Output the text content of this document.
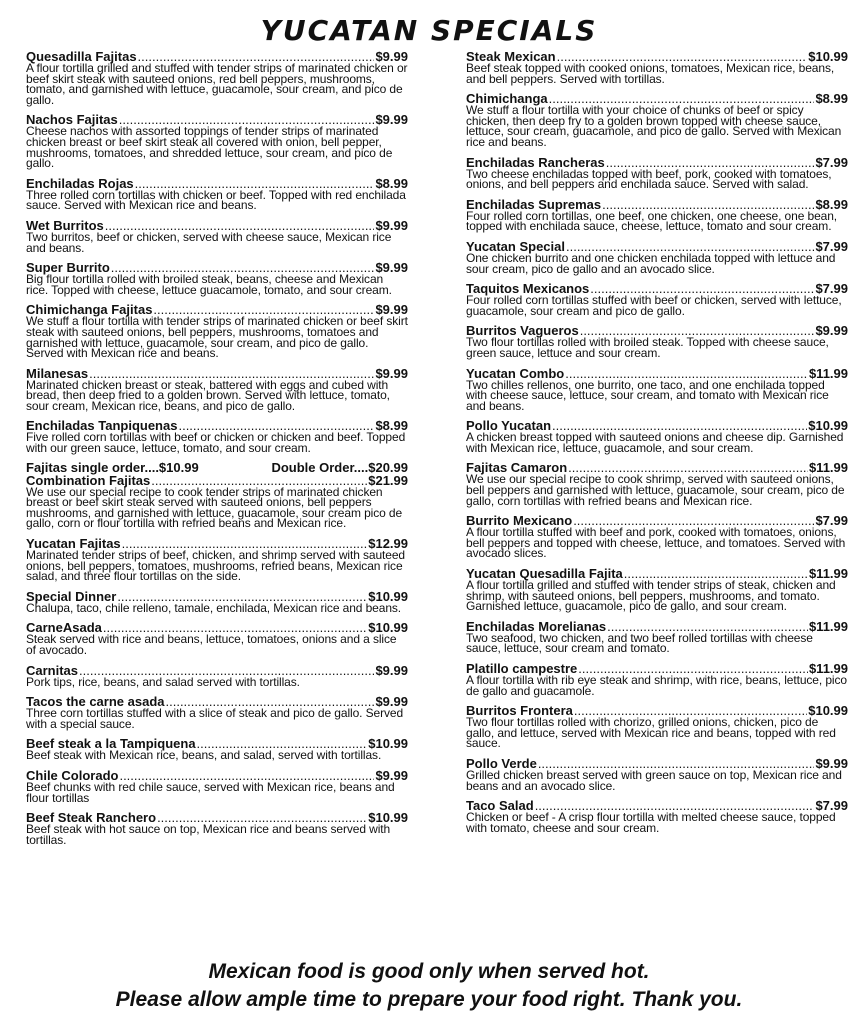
YUCATAN SPECIALS
Quesadilla Fajitas .....	$9.99
A flour tortilla grilled and stuffed with tender strips of marinated chicken or beef skirt steak with sauteed onions, red bell peppers, mushrooms, tomato, and garnished with lettuce, guacamole, sour cream, and pico de gallo.
Nachos Fajitas .....	$9.99
Cheese nachos with assorted toppings of tender strips of marinated chicken breast or beef skirt steak all covered with onion, bell pepper, mushrooms, tomatoes, and shredded lettuce, sour cream, and pico de gallo.
Enchiladas Rojas .....	$8.99
Three rolled corn tortillas with chicken or beef. Topped with red enchilada sauce. Served with Mexican rice and beans.
Wet Burritos .....	$9.99
Two burritos, beef or chicken, served with cheese sauce, Mexican rice and beans.
Super Burrito .....	$9.99
Big flour tortilla rolled with broiled steak, beans, cheese and Mexican rice. Topped with cheese, lettuce guacamole, tomato, and sour cream.
Chimichanga Fajitas .....	$9.99
We stuff a flour tortilla with tender strips of marinated chicken or beef skirt steak with sauteed onions, bell peppers, mushrooms, tomatoes and garnished with lettuce, guacamole, sour cream, and pico de gallo. Served with Mexican rice and beans.
Milanesas .....	$9.99
Marinated chicken breast or steak, battered with eggs and cubed with bread, then deep fried to a golden brown. Served with lettuce, tomato, sour cream, Mexican rice, beans, and pico de gallo.
Enchiladas Tanpiquenas .....	$8.99
Five rolled corn tortillas with beef or chicken or chicken and beef. Topped with our green sauce, lettuce, tomato, and sour cream.
Fajitas single order....$10.99	Double Order....$20.99
Combination Fajitas .....	$21.99
We use our special recipe to cook tender strips of marinated chicken breast or beef skirt steak served with sauteed onions, bell peppers mushrooms, and garnished with lettuce, guacamole, sour cream pico de gallo, corn or flour tortilla with refried beans and Mexican rice.
Yucatan Fajitas .....	$12.99
Marinated tender strips of beef, chicken, and shrimp served with sauteed onions, bell peppers, tomatoes, mushrooms, refried beans, Mexican rice salad, and three flour tortillas on the side.
Special Dinner .....	$10.99
Chalupa, taco, chile relleno, tamale, enchilada, Mexican rice and beans.
CarneAsada .....	$10.99
Steak served with rice and beans, lettuce, tomatoes, onions and a slice of avocado.
Carnitas .....	$9.99
Pork tips, rice, beans, and salad served with tortillas.
Tacos the carne asada .....	$9.99
Three corn tortillas stuffed with a slice of steak and pico de gallo. Served with a special sauce.
Beef steak a la Tampiquena .....	$10.99
Beef steak with Mexican rice, beans, and salad, served with tortillas.
Chile Colorado .....	$9.99
Beef chunks with red chile sauce, served with Mexican rice, beans and flour tortillas
Beef Steak Ranchero .....	$10.99
Beef steak with hot sauce on top, Mexican rice and beans served with tortillas.
Steak Mexican .....	$10.99
Beef steak topped with cooked onions, tomatoes, Mexican rice, beans, and bell peppers. Served with tortillas.
Chimichanga .....	$8.99
We stuff a flour tortilla with your choice of chunks of beef or spicy chicken, then deep fry to a golden brown topped with cheese sauce, lettuce, sour cream, guacamole, and pico de gallo. Served with Mexican rice and beans.
Enchiladas Rancheras .....	$7.99
Two cheese enchiladas topped with beef, pork, cooked with tomatoes, onions, and bell peppers and enchilada sauce. Served with salad.
Enchiladas Supremas .....	$8.99
Four rolled corn tortillas, one beef, one chicken, one cheese, one bean, topped with enchilada sauce, cheese, lettuce, tomato and sour cream.
Yucatan Special .....	$7.99
One chicken burrito and one chicken enchilada topped with lettuce and sour cream, pico de gallo and an avocado slice.
Taquitos Mexicanos .....	$7.99
Four rolled corn tortillas stuffed with beef or chicken, served with lettuce, guacamole, sour cream and pico de gallo.
Burritos Vagueros .....	$9.99
Two flour tortillas rolled with broiled steak. Topped with cheese sauce, green sauce, lettuce and sour cream.
Yucatan Combo .....	$11.99
Two chilles rellenos, one burrito, one taco, and one enchilada topped with cheese sauce, lettuce, sour cream, and tomato with Mexican rice and beans.
Pollo Yucatan .....	$10.99
A chicken breast topped with sauteed onions and cheese dip. Garnished with Mexican rice, lettuce, guacamole, and sour cream.
Fajitas Camaron .....	$11.99
We use our special recipe to cook shrimp, served with sauteed onions, bell peppers and garnished with lettuce, guacamole, sour cream, pico de gallo, corn tortillas with refried beans and Mexican rice.
Burrito Mexicano .....	$7.99
A flour tortilla stuffed with beef and pork, cooked with tomatoes, onions, bell peppers and topped with cheese, lettuce, and tomatoes. Served with avocado slices.
Yucatan Quesadilla Fajita .....	$11.99
A flour tortilla grilled and stuffed with tender strips of steak, chicken and shrimp, with sauteed onions, bell peppers, mushrooms, and tomato. Garnished lettuce, guacamole, pico de gallo, and sour cream.
Enchiladas Morelianas .....	$11.99
Two seafood, two chicken, and two beef rolled tortillas with cheese sauce, lettuce, sour cream and tomato.
Platillo campestre .....	$11.99
A flour tortilla with rib eye steak and shrimp, with rice, beans, lettuce, pico de gallo and guacamole.
Burritos Frontera .....	$10.99
Two flour tortillas rolled with chorizo, grilled onions, chicken, pico de gallo, and lettuce, served with Mexican rice and beans, topped with red sauce.
Pollo Verde .....	$9.99
Grilled chicken breast served with green sauce on top, Mexican rice and beans and an avocado slice.
Taco Salad .....	$7.99
Chicken or beef - A crisp flour tortilla with melted cheese sauce, topped with tomato, cheese and sour cream.
Mexican food is good only when served hot.
Please allow ample time to prepare your food right. Thank you.
